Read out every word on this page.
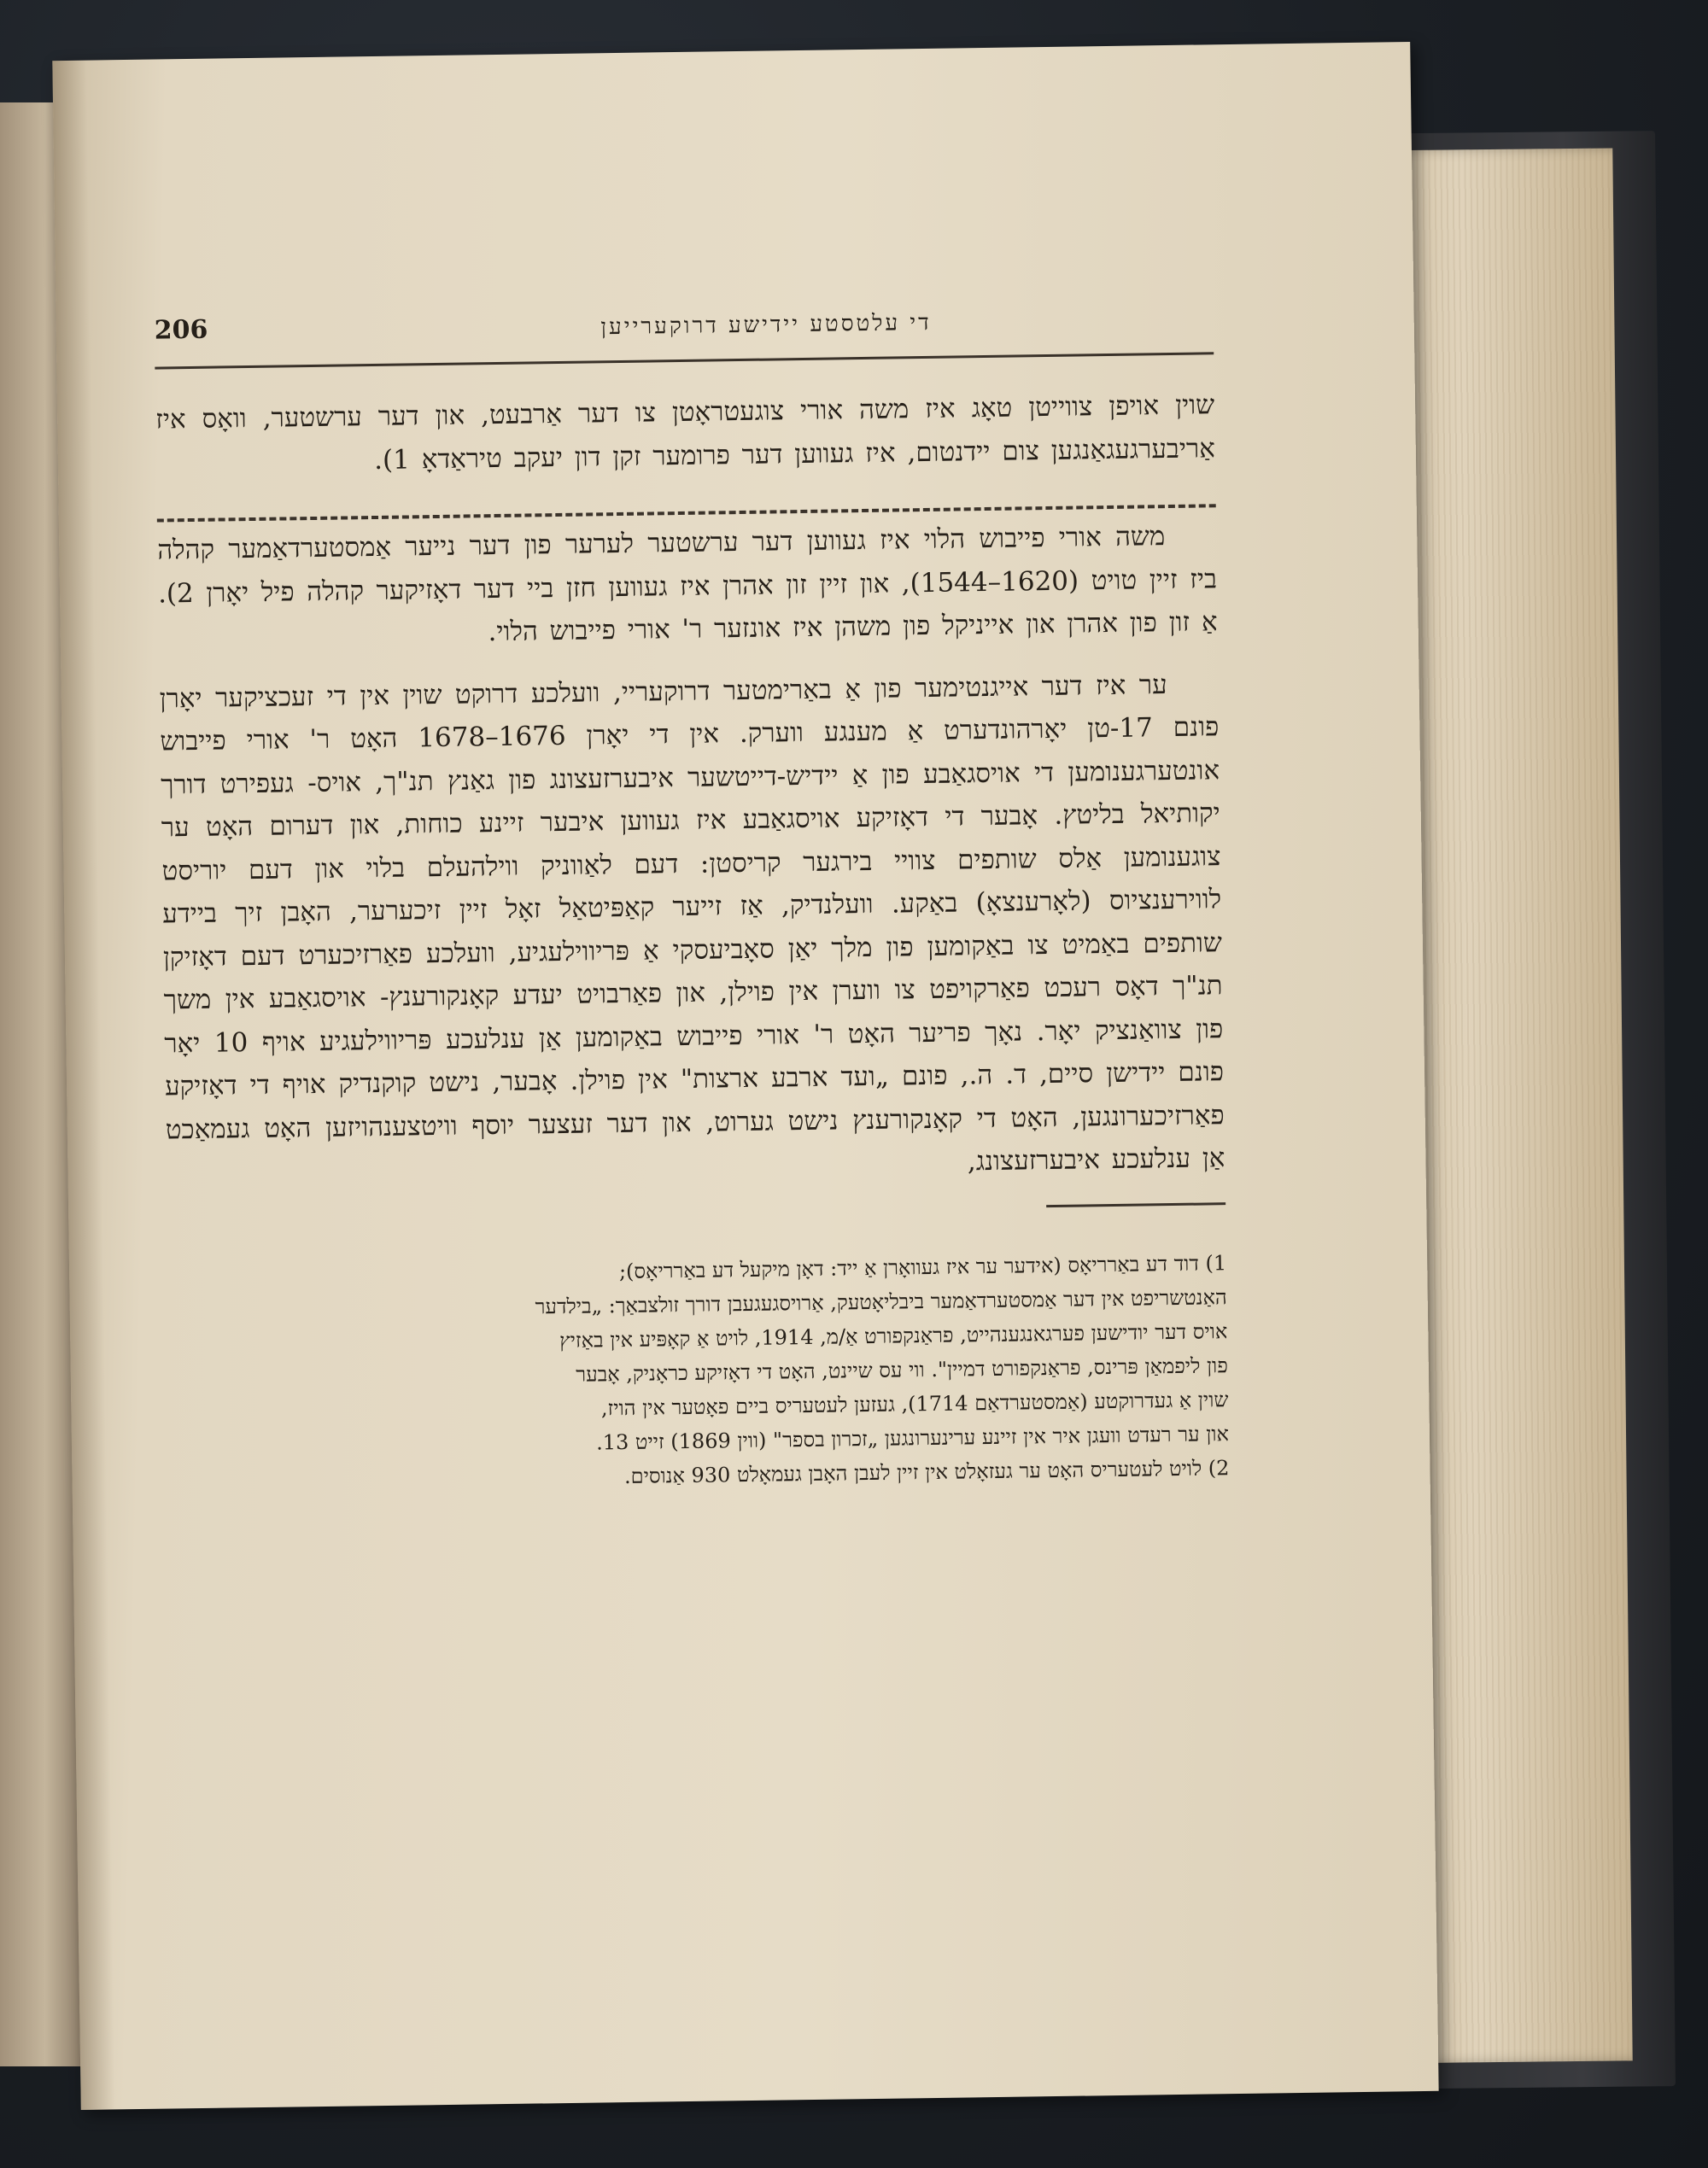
די עלטסטע יידישע דרוקערייען
206

שוין אויפן צווייטן טאָג איז משה אורי צוגעטראָטן צו דער אַרבעט, און דער ערשטער, וואָס איז אַריבערגעגאַנגען צום יידנטום, איז געווען דער פרומער זקן דון יעקב טיראַדאָ 1).

משה אורי פייבוש הלוי איז געווען דער ערשטער לערער פון דער נייער אַמסטערדאַמער קהלה ביז זיין טויט (1620–1544), און זיין זון אהרן איז געווען חזן ביי דער דאָזיקער קהלה פיל יאָרן 2). אַ זון פון אהרן און אייניקל פון משהן איז אונזער ר' אורי פייבוש הלוי.

ער איז דער אייגנטימער פון אַ באַרימטער דרוקעריי, וועלכע דרוקט שוין אין די זעכציקער יאָרן פונם 17-טן יאָרהונדערט אַ מענגע ווערק. אין די יאָרן 1676–1678 האָט ר' אורי פייבוש אונטערגענומען די אויסגאַבע פון אַ יידיש-דייטשער איבערזעצונג פון גאַנץ תנ"ך, אויס- געפירט דורך יקותיאל בליטץ. אָבער די דאָזיקע אויסגאַבע איז געווען איבער זיינע כוחות, און דערום האָט ער צוגענומען אַלס שותפים צוויי בירגער קריסטן: דעם לאַווניק ווילהעלם בלוי און דעם יוריסט לווירענציוס (לאָרענצאָ) באַקע. וועלנדיק, אַז זייער קאַפּיטאַל זאָל זיין זיכערער, האָבן זיך ביידע שותפים באַמיט צו באַקומען פון מלך יאַן סאָביעסקי אַ פּריווילעגיע, וועלכע פאַרזיכערט דעם דאָזיקן תנ"ך דאָס רעכט פאַרקויפט צו ווערן אין פוילן, און פאַרבויט יעדע קאָנקורענץ- אויסגאַבע אין משך פון צוואַנציק יאָר. נאָך פריער האָט ר' אורי פייבוש באַקומען אַן ענלעכע פּריווילעגיע אויף 10 יאָר פונם יידישן סיים, ד. ה., פונם „ועד ארבע ארצות" אין פוילן. אָבער, נישט קוקנדיק אויף די דאָזיקע פאַרזיכערונגען, האָט די קאָנקורענץ נישט גערוט, און דער זעצער יוסף וויטצענהויזען האָט געמאַכט אַן ענלעכע איבערזעצונג,

1) דוד דע באַרריאָס (אידער ער איז געוואָרן אַ ייד: דאָן מיקעל דע באַרריאָס);

האַנטשריפט אין דער אַמסטערדאַמער ביבליאָטעק, אַרויסגעגעבן דורך זולצבאַך: „בילדער

אויס דער יודישען פערגאנגענהייט, פראַנקפורט אַ/מ, 1914, לויט אַ קאָפּיע אין באַזיץ

פון ליפמאַן פּרינס, פראַנקפורט דמיין". ווי עס שיינט, האָט די דאָזיקע כראָניק, אָבער

שוין אַ געדרוקטע (אַמסטערדאַם 1714), געזען לעטעריס ביים פאָטער אין הויז,

און ער רעדט וועגן איר אין זיינע ערינערונגען „זכרון בספר" (ווין 1869) זייט 13.

2) לויט לעטעריס האָט ער געזאָלט אין זיין לעבן האָבן געמאָלט 930 אַנוסים.
